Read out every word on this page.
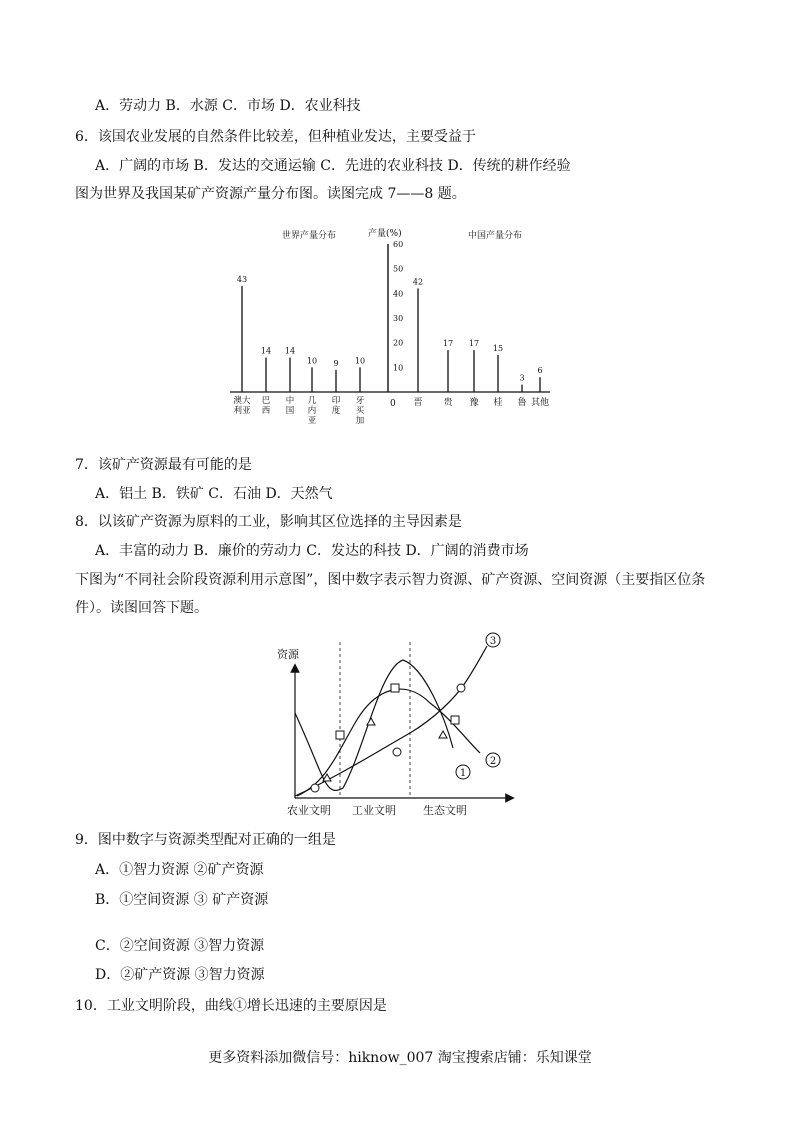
A．劳动力 B．水源 C．市场 D．农业科技
6．该国农业发展的自然条件比较差，但种植业发达，主要受益于
A．广阔的市场 B．发达的交通运输 C．先进的农业科技 D．传统的耕作经验
图为世界及我国某矿产资源产量分布图。读图完成 7——8 题。
世界产量分布	产量(%)	中国产量分布
60
50
40
30
20
10
0
43
澳大
利亚
14
巴
西
14
中
国
10
几
内
亚
9
印
度
10
牙
买
加
42
晋
17
贵
17
豫
15
桂
3
鲁
6
其他
7．该矿产资源最有可能的是
A．铝土 B．铁矿 C．石油 D．天然气
8．以该矿产资源为原料的工业，影响其区位选择的主导因素是
A．丰富的动力 B．廉价的劳动力 C．发达的科技 D．广阔的消费市场
下图为“不同社会阶段资源利用示意图”，图中数字表示智力资源、矿产资源、空间资源（主要指区位条
件）。读图回答下题。
资源
农业文明 工业文明 生态文明
3
2
1
9．图中数字与资源类型配对正确的一组是
A．①智力资源 ②矿产资源
B．①空间资源 ③ 矿产资源
C．②空间资源 ③智力资源
D．②矿产资源 ③智力资源
10．工业文明阶段，曲线①增长迅速的主要原因是
更多资料添加微信号：hiknow_007 淘宝搜索店铺：乐知课堂
